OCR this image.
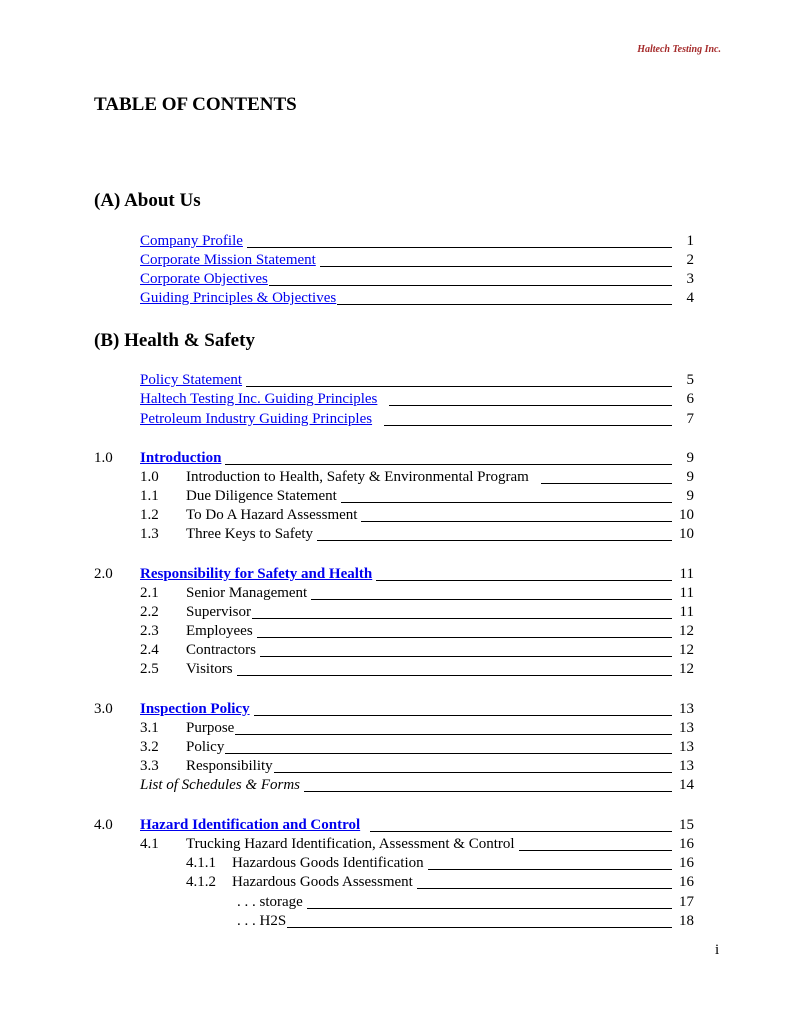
Haltech Testing Inc.
TABLE OF CONTENTS
(A) About Us
Company Profile	1
Corporate Mission Statement	2
Corporate Objectives	3
Guiding Principles & Objectives	4
(B) Health & Safety
Policy Statement	5
Haltech Testing Inc. Guiding Principles	6
Petroleum Industry Guiding Principles	7
1.0	Introduction	9
1.0	Introduction to Health, Safety & Environmental Program	9
1.1	Due Diligence Statement	9
1.2	To Do A Hazard Assessment	10
1.3	Three Keys to Safety	10
2.0	Responsibility for Safety and Health	11
2.1	Senior Management	11
2.2	Supervisor	11
2.3	Employees	12
2.4	Contractors	12
2.5	Visitors	12
3.0	Inspection Policy	13
3.1	Purpose	13
3.2	Policy	13
3.3	Responsibility	13
List of Schedules & Forms	14
4.0	Hazard Identification and Control	15
4.1	Trucking Hazard Identification, Assessment & Control	16
4.1.1	Hazardous Goods Identification	16
4.1.2	Hazardous Goods Assessment	16
. . . storage	17
. . . H2S	18
i
